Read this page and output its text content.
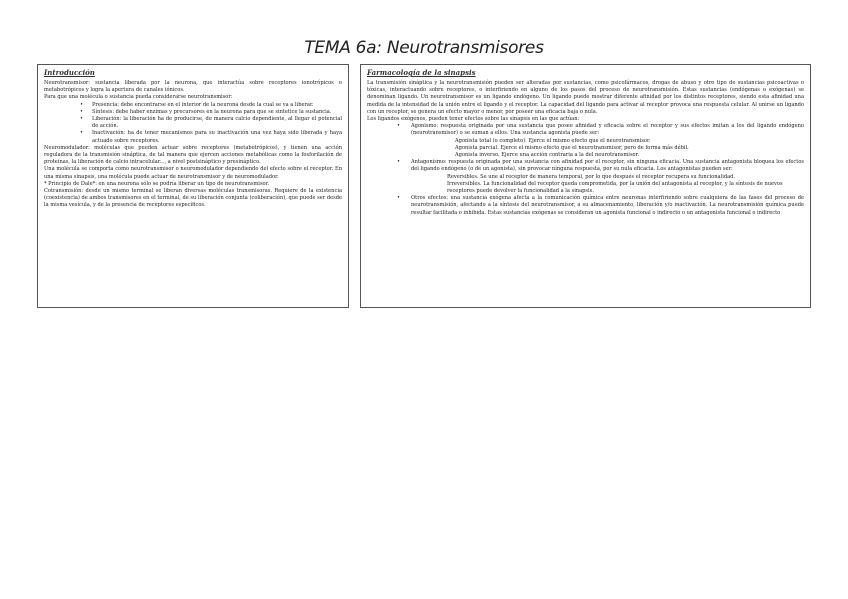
TEMA 6a: Neurotransmisores
Introducción

Neurotransmisor: sustancia liberada por la neurona, que interactúa sobre receptores ionotrópicos o metabotrópicos y logra la apertura de canales iónicos.

Para que una molécula o sustancia pueda considerarse neurotransmisor:

• Presencia: debe encontrarse en el interior de la neurona desde la cual se va a liberar.

• Síntesis: debe haber enzimas y precursores en la neurona para que se sintetice la sustancia.

• Liberación: la liberación ha de producirse, de manera calcio dependiente, al llegar el potencial de acción.

• Inactivación: ha de tener mecanismos para su inactivación una vez haya sido liberada y haya actuado sobre receptores.

Neuromodulador: moléculas que pueden actuar sobre receptores (metabotrópicos), y tienen una acción reguladora de la transmisión sináptica, de tal manera que ejercen acciones metabólicas como la fosforilación de proteínas, la liberación de calcio intracelular..., a nivel postsináptico y presináptico.

Una molécula se comporta como neurotransmisor o neuromodulador dependiendo del efecto sobre el receptor. En una misma sinapsis, una molécula puede actuar de neurotransmisor y de neuromodulador.

* Principio de Dale*: en una neurona sólo se podría liberar un tipo de neurotransmisor.

Cotransmisión: desde un mismo terminal se liberan diversas moléculas transmisoras. Requiere de la existencia (coexistencia) de ambos transmisores en el terminal, de su liberación conjunta (coliberación), que puede ser desde la misma vesícula, y de la presencia de receptores específicos.

Farmacología de la sinapsis

La transmisión sináptica y la neurotransmisión pueden ser alteradas por sustancias, como psicofármacos, drogas de abuso y otro tipo de sustancias psicoactivas o tóxicas, interactuando sobre receptores, o interfiriendo en alguno de los pasos del proceso de neurotransmisión. Estas sustancias (endógenas o exógenas) se denominan ligando. Un neurotransmisor es un ligando endógeno. Un ligando puede mostrar diferente afinidad por los distintos receptores, siendo esta afinidad una medida de la intensidad de la unión entre el ligando y el receptor. La capacidad del ligando para activar al receptor provoca una respuesta celular. Al unirse un ligando con un receptor, se genera un efecto mayor o menor, por poseer una eficacia baja o nula.

Los ligandos exógenos, pueden tener efectos sobre las sinapsis en las que actúan:

• Agonismo: respuesta originada por una sustancia que posee afinidad y eficacia sobre el receptor y sus efectos imitan a los del ligando endógeno (neurotransmisor) o se suman a ellos. Una sustancia agonista puede ser:

Agonista total (o completo). Ejerce el mismo efecto que el neurotransmisor.

Agonista parcial. Ejerce el mismo efecto que el neurotransmisor, pero de forma más débil.

Agonista inverso. Ejerce una acción contraria a la del neurotransmisor.

• Antagonismo: respuesta originada por una sustancia con afinidad por el receptor, sin ninguna eficacia. Una sustancia antagonista bloquea los efectos del ligando endógeno (o de un agonista), sin provocar ninguna respuesta, por su nula eficacia. Los antagonistas pueden ser:

Reversibles. Se une al receptor de manera temporal, por lo que después el receptor recupera su funcionalidad.

Irreversibles. La funcionalidad del receptor queda comprometida, por la unión del antagonista al receptor, y la síntesis de nuevos receptores puede devolver la funcionalidad a la sinapsis.

• Otros efectos: una sustancia exógena afecta a la comunicación química entre neuronas interfiriendo sobre cualquiera de las fases del proceso de neurotransmisión, afectando a la síntesis del neurotransmisor, a su almacenamiento, liberación y/o inactivación. La neurotransmisión química puede resultar facilitada o inhibida. Estas sustancias exógenas se consideran un agonista funcional o indirecto o un antagonista funcional o indirecto
